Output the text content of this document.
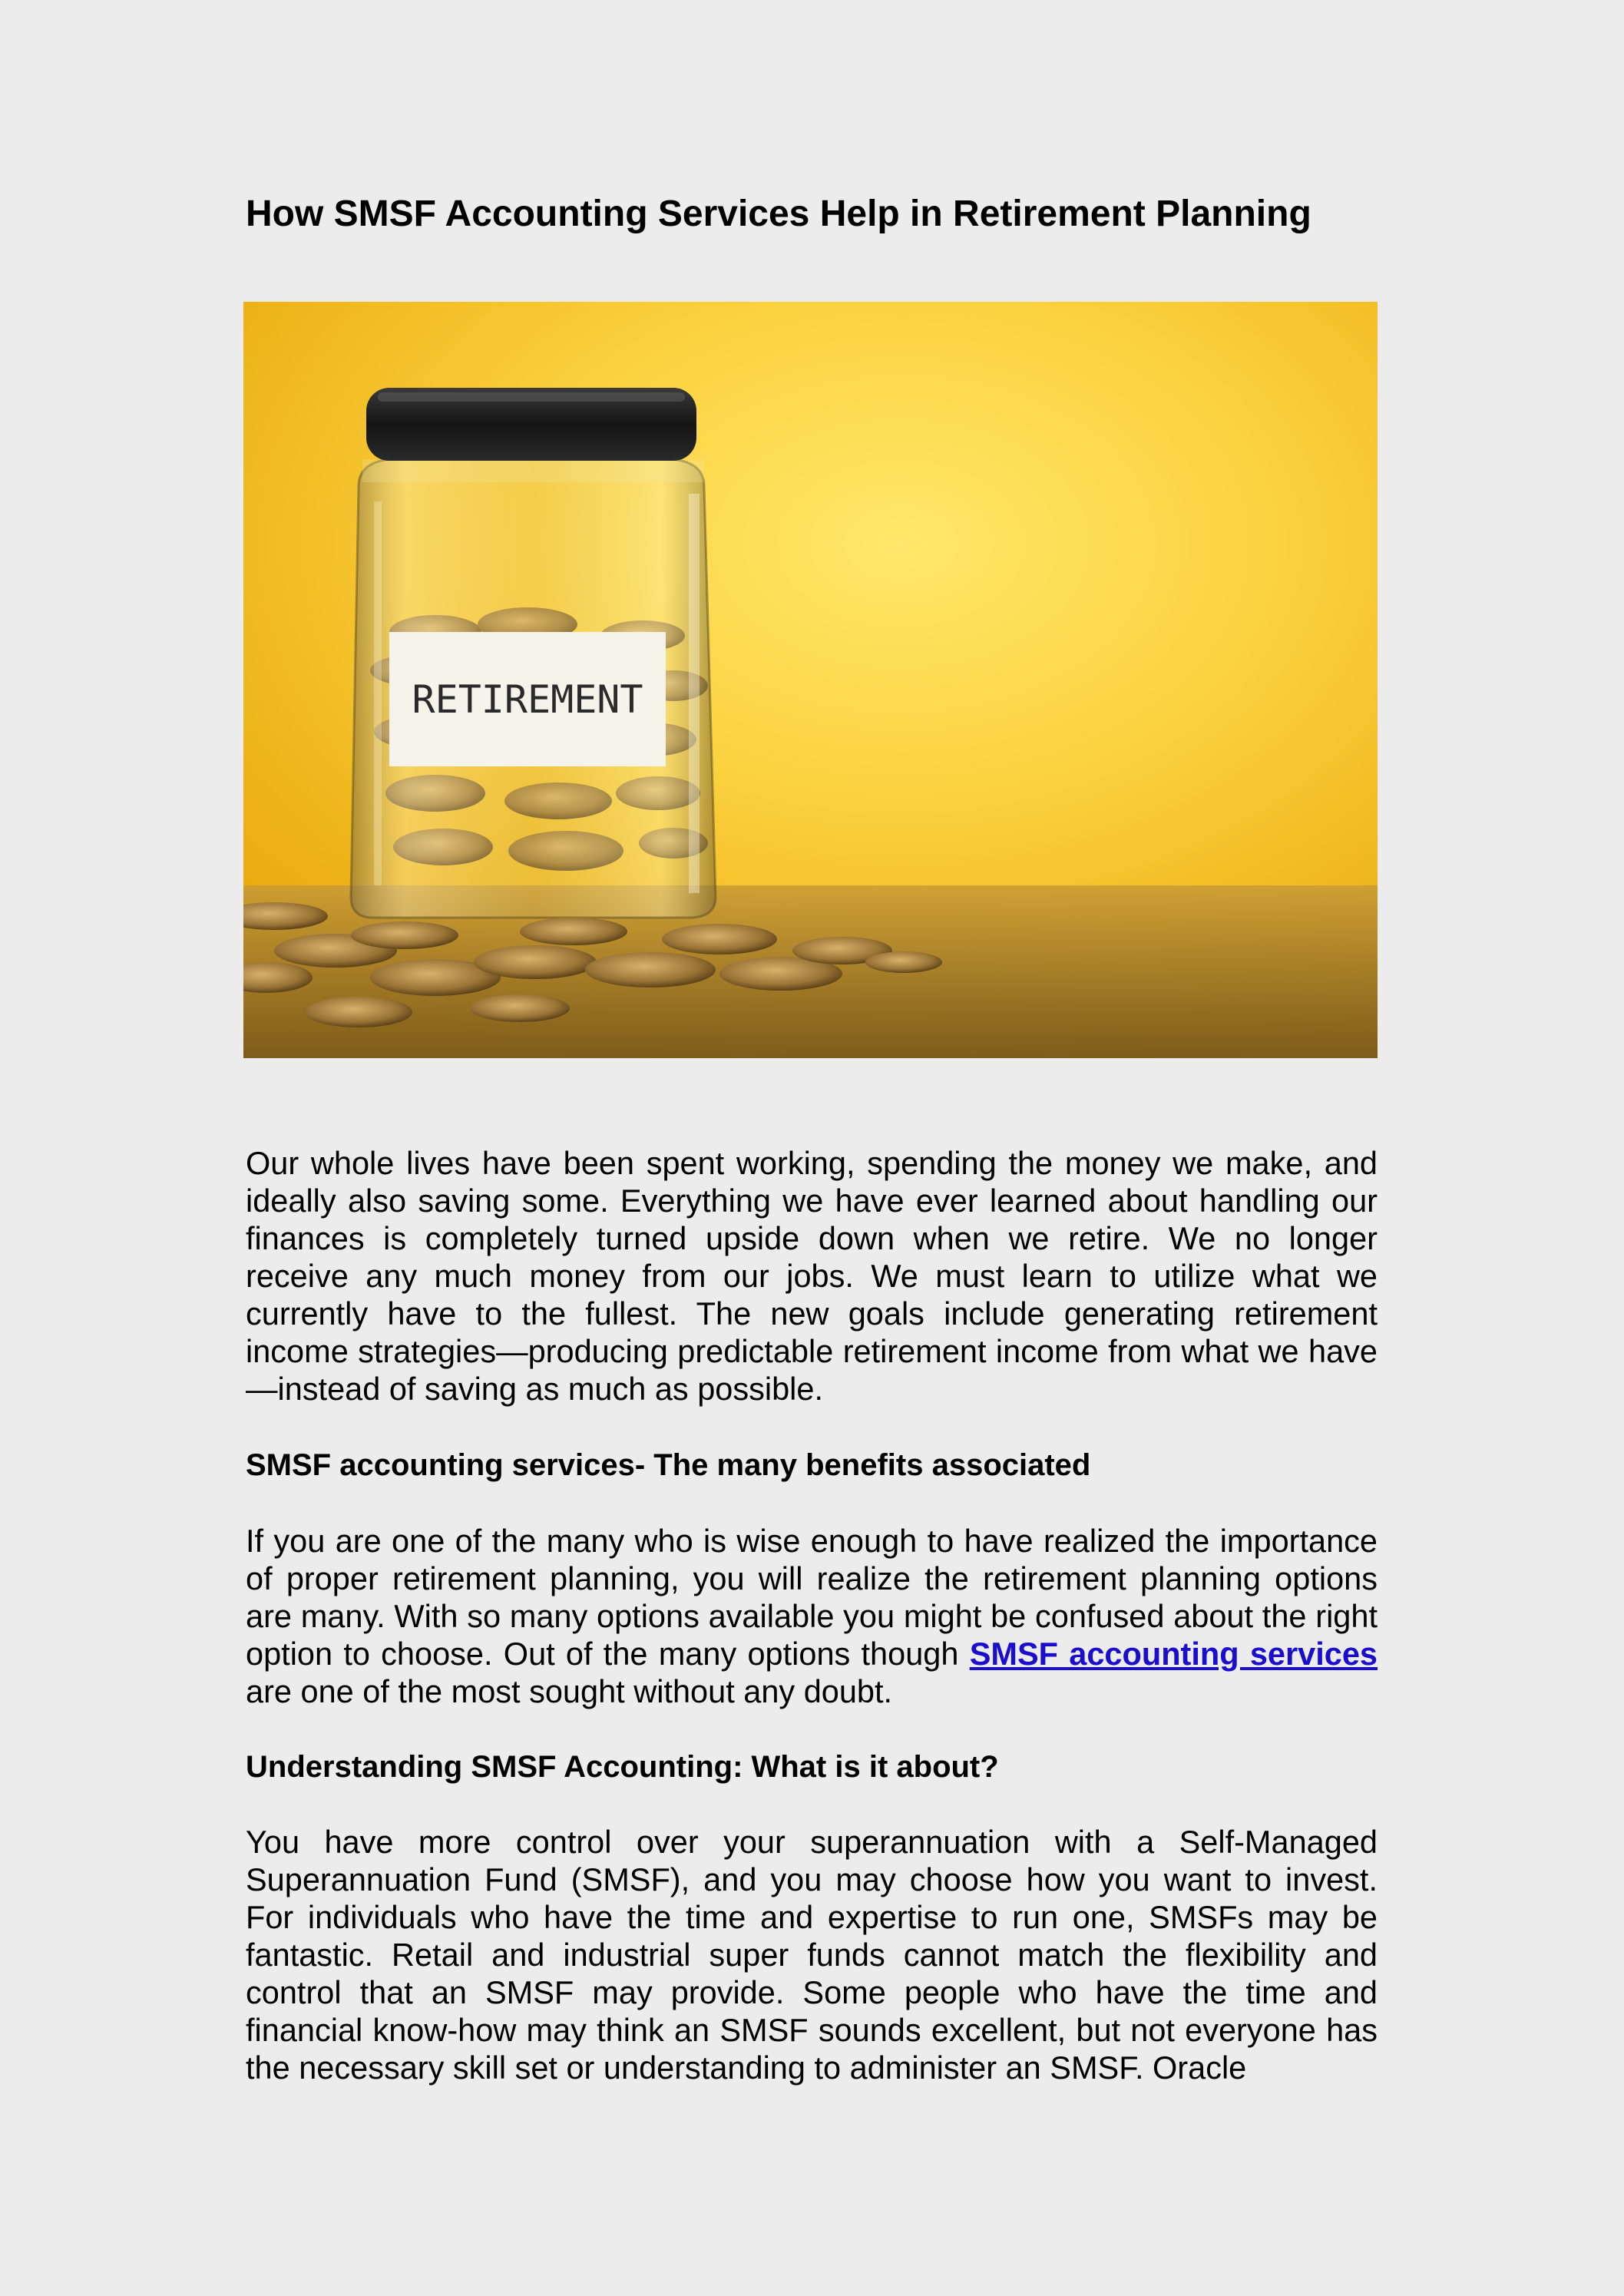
How SMSF Accounting Services Help in Retirement Planning
RETIREMENT

Our whole lives have been spent working, spending the money we make, and ideally also saving some. Everything we have ever learned about handling our finances is completely turned upside down when we retire. We no longer receive any much money from our jobs. We must learn to utilize what we currently have to the fullest. The new goals include generating retirement income strategies—producing predictable retirement income from what we have—instead of saving as much as possible.

SMSF accounting services- The many benefits associated

If you are one of the many who is wise enough to have realized the importance of proper retirement planning, you will realize the retirement planning options are many. With so many options available you might be confused about the right option to choose. Out of the many options though SMSF accounting services are one of the most sought without any doubt.

Understanding SMSF Accounting: What is it about?

You have more control over your superannuation with a Self-Managed Superannuation Fund (SMSF), and you may choose how you want to invest. For individuals who have the time and expertise to run one, SMSFs may be fantastic. Retail and industrial super funds cannot match the flexibility and control that an SMSF may provide. Some people who have the time and financial know-how may think an SMSF sounds excellent, but not everyone has the necessary skill set or understanding to administer an SMSF. Oracle
